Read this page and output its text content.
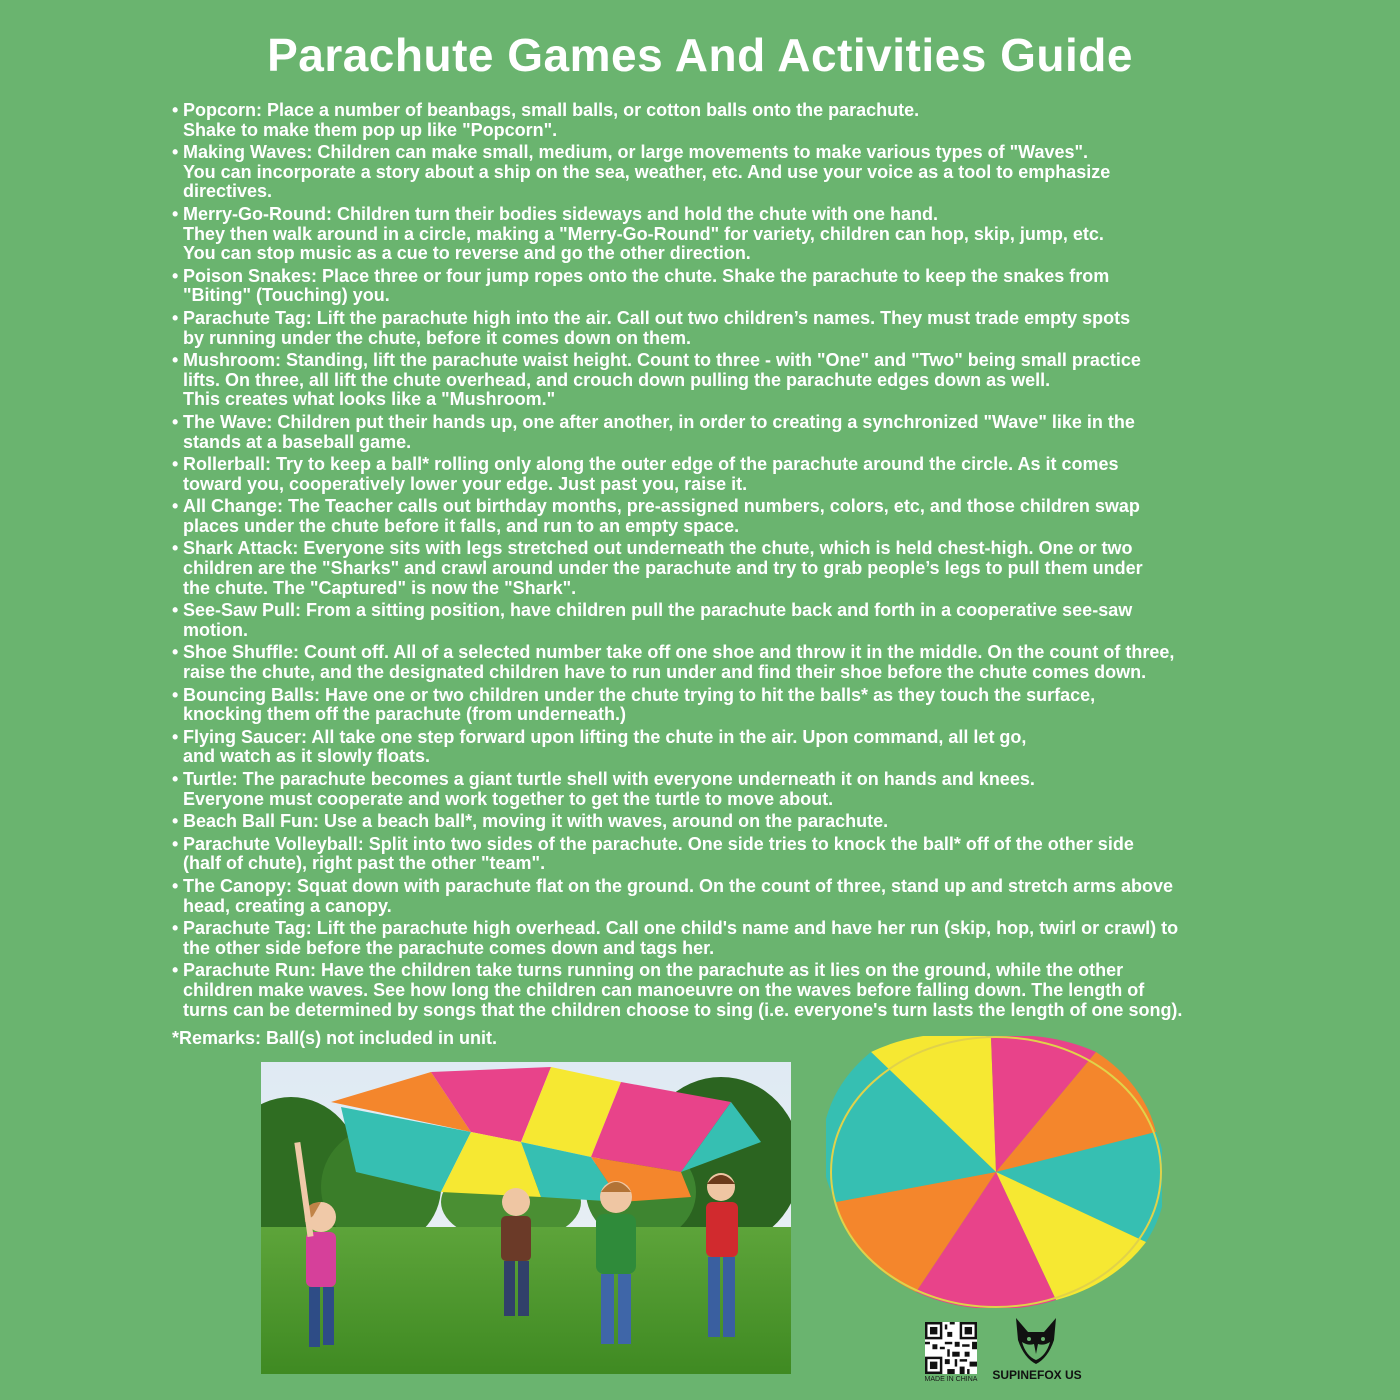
Parachute Games And Activities Guide
• Popcorn: Place a number of beanbags, small balls, or cotton balls onto the parachute.
Shake to make them pop up like "Popcorn".
• Making Waves: Children can make small, medium, or large movements to make various types of "Waves".
You can incorporate a story about a ship on the sea, weather, etc. And use your voice as a tool to emphasize
directives.
• Merry-Go-Round: Children turn their bodies sideways and hold the chute with one hand.
They then walk around in a circle, making a "Merry-Go-Round" for variety, children can hop, skip, jump, etc.
You can stop music as a cue to reverse and go the other direction.
• Poison Snakes: Place three or four jump ropes onto the chute. Shake the parachute to keep the snakes from
"Biting" (Touching) you.
• Parachute Tag: Lift the parachute high into the air. Call out two children’s names. They must trade empty spots
by running under the chute, before it comes down on them.
• Mushroom: Standing, lift the parachute waist height. Count to three - with "One" and "Two" being small practice
lifts. On three, all lift the chute overhead, and crouch down pulling the parachute edges down as well.
This creates what looks like a "Mushroom."
• The Wave: Children put their hands up, one after another, in order to creating a synchronized "Wave" like in the
stands at a baseball game.
• Rollerball: Try to keep a ball* rolling only along the outer edge of the parachute around the circle. As it comes
toward you, cooperatively lower your edge. Just past you, raise it.
• All Change: The Teacher calls out birthday months, pre-assigned numbers, colors, etc, and those children swap
places under the chute before it falls, and run to an empty space.
• Shark Attack: Everyone sits with legs stretched out underneath the chute, which is held chest-high. One or two
children are the "Sharks" and crawl around under the parachute and try to grab people’s legs to pull them under
the chute. The "Captured" is now the "Shark".
• See-Saw Pull: From a sitting position, have children pull the parachute back and forth in a cooperative see-saw
motion.
• Shoe Shuffle: Count off. All of a selected number take off one shoe and throw it in the middle. On the count of three,
raise the chute, and the designated children have to run under and find their shoe before the chute comes down.
• Bouncing Balls: Have one or two children under the chute trying to hit the balls* as they touch the surface,
knocking them off the parachute (from underneath.)
• Flying Saucer: All take one step forward upon lifting the chute in the air. Upon command, all let go,
and watch as it slowly floats.
• Turtle: The parachute becomes a giant turtle shell with everyone underneath it on hands and knees.
Everyone must cooperate and work together to get the turtle to move about.
• Beach Ball Fun: Use a beach ball*, moving it with waves, around on the parachute.
• Parachute Volleyball: Split into two sides of the parachute. One side tries to knock the ball* off of the other side
(half of chute), right past the other "team".
• The Canopy: Squat down with parachute flat on the ground. On the count of three, stand up and stretch arms above
head, creating a canopy.
• Parachute Tag: Lift the parachute high overhead. Call one child's name and have her run (skip, hop, twirl or crawl) to
the other side before the parachute comes down and tags her.
• Parachute Run: Have the children take turns running on the parachute as it lies on the ground, while the other
children make waves. See how long the children can manoeuvre on the waves before falling down. The length of
turns can be determined by songs that the children choose to sing (i.e. everyone's turn lasts the length of one song).

*Remarks: Ball(s) not included in unit.

MADE IN CHINA	SUPINEFOX US
